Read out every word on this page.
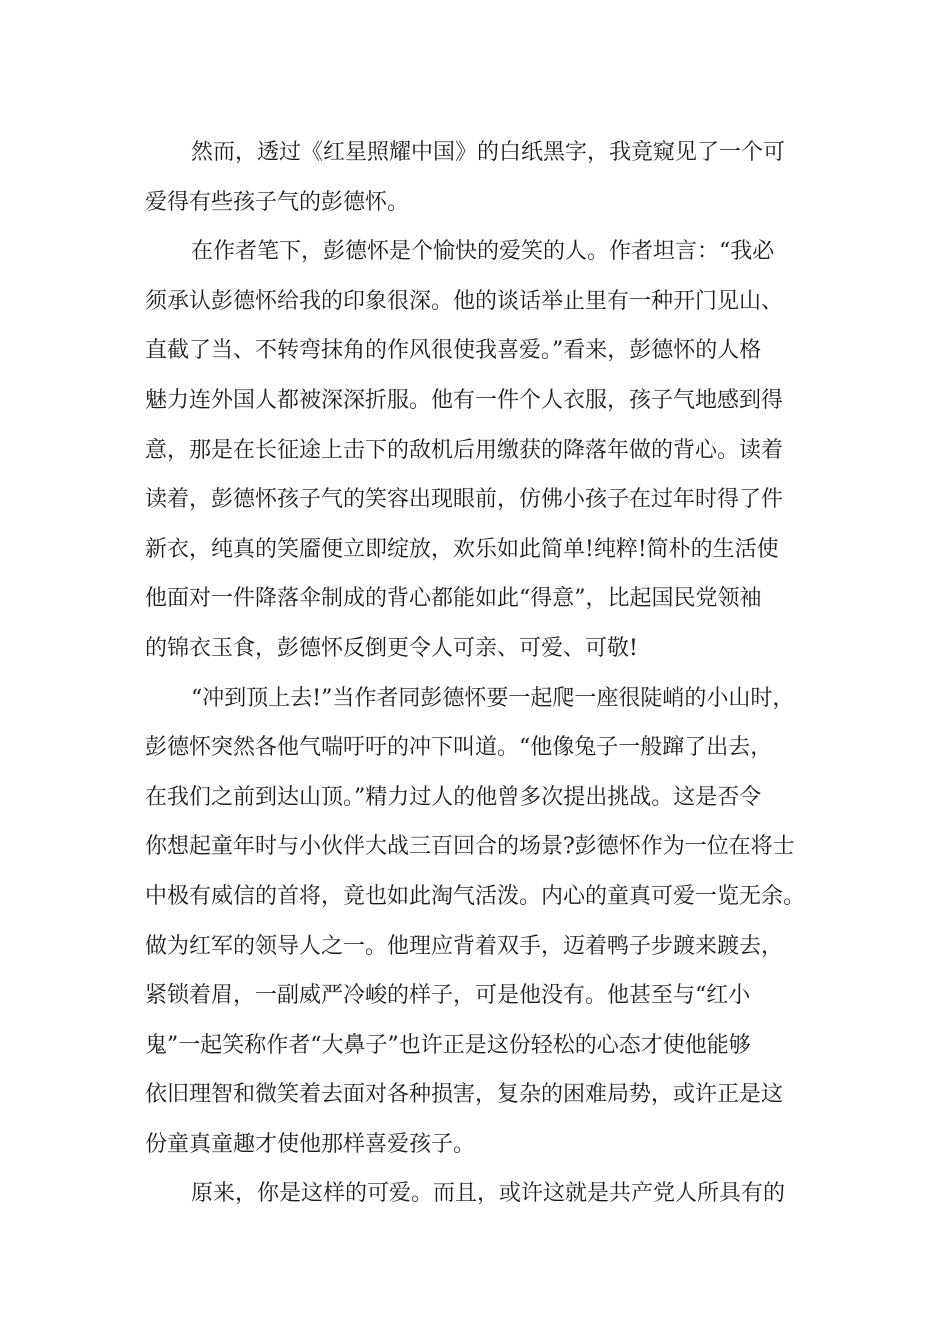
然而，透过《红星照耀中国》的白纸黑字，我竟窥见了一个可
爱得有些孩子气的彭德怀。
在作者笔下，彭德怀是个愉快的爱笑的人。作者坦言：“我必
须承认彭德怀给我的印象很深。他的谈话举止里有一种开门见山、
直截了当、不转弯抹角的作风很使我喜爱。”看来，彭德怀的人格
魅力连外国人都被深深折服。他有一件个人衣服，孩子气地感到得
意，那是在长征途上击下的敌机后用缴获的降落年做的背心。读着
读着，彭德怀孩子气的笑容出现眼前，仿佛小孩子在过年时得了件
新衣，纯真的笑靥便立即绽放，欢乐如此简单!纯粹!简朴的生活使
他面对一件降落伞制成的背心都能如此“得意”，比起国民党领袖
的锦衣玉食，彭德怀反倒更令人可亲、可爱、可敬!
“冲到顶上去!”当作者同彭德怀要一起爬一座很陡峭的小山时，
彭德怀突然各他气喘吁吁的冲下叫道。“他像兔子一般蹿了出去，
在我们之前到达山顶。”精力过人的他曾多次提出挑战。这是否令
你想起童年时与小伙伴大战三百回合的场景?彭德怀作为一位在将士
中极有威信的首将，竟也如此淘气活泼。内心的童真可爱一览无余。
做为红军的领导人之一。他理应背着双手，迈着鸭子步踱来踱去，
紧锁着眉，一副威严冷峻的样子，可是他没有。他甚至与“红小
鬼”一起笑称作者“大鼻子”也许正是这份轻松的心态才使他能够
依旧理智和微笑着去面对各种损害，复杂的困难局势，或许正是这
份童真童趣才使他那样喜爱孩子。
原来，你是这样的可爱。而且，或许这就是共产党人所具有的
